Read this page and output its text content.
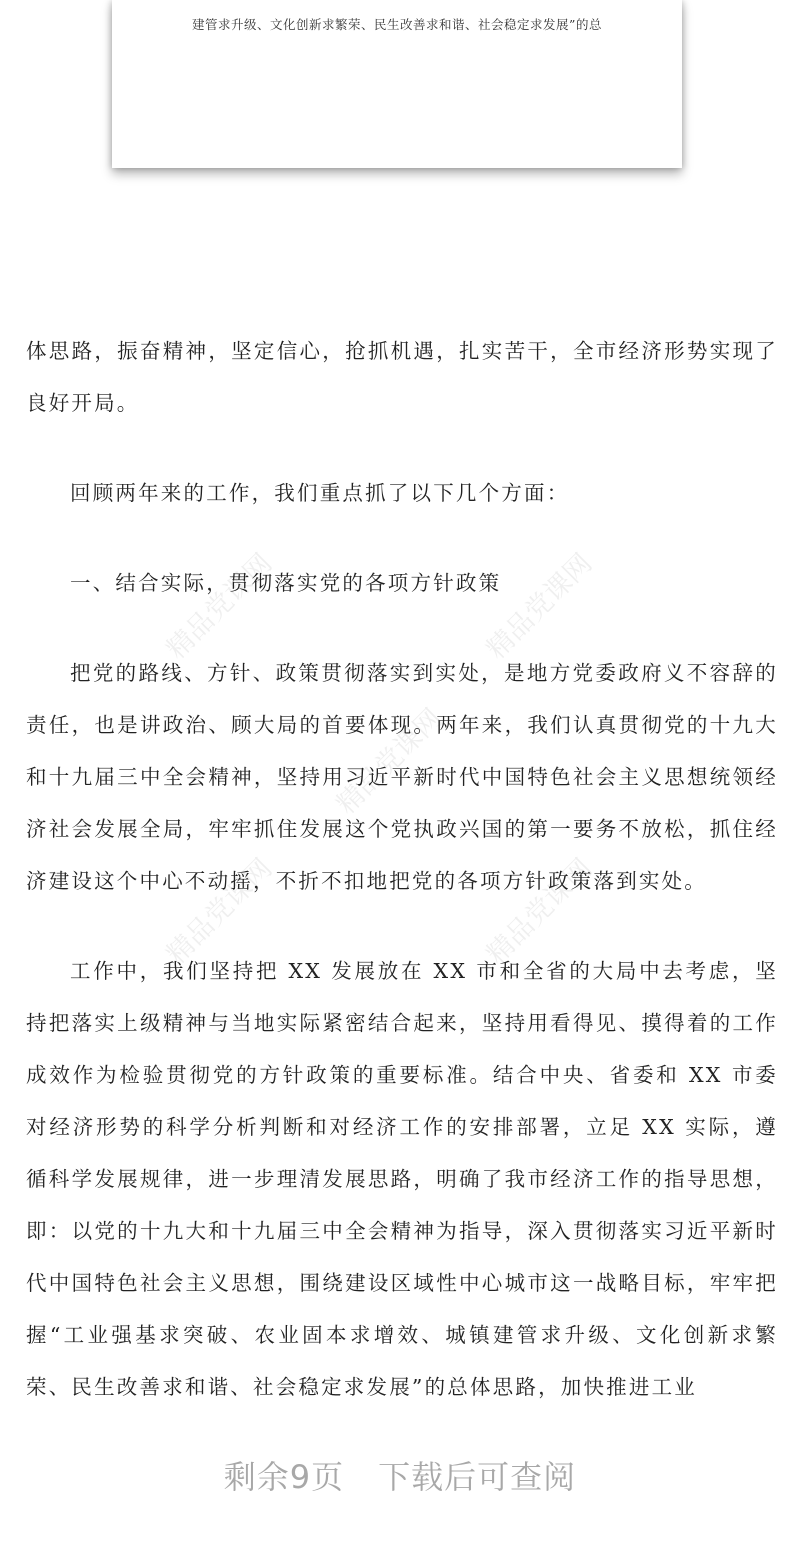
建管求升级、文化创新求繁荣、民生改善求和谐、社会稳定求发展”的总
精品党课网	精品党课网
精品党课网
精品党课网	精品党课网

体思路，振奋精神，坚定信心，抢抓机遇，扎实苦干，全市经济形势实现了良好开局。

回顾两年来的工作，我们重点抓了以下几个方面：

一、结合实际，贯彻落实党的各项方针政策

把党的路线、方针、政策贯彻落实到实处，是地方党委政府义不容辞的责任，也是讲政治、顾大局的首要体现。两年来，我们认真贯彻党的十九大和十九届三中全会精神，坚持用习近平新时代中国特色社会主义思想统领经济社会发展全局，牢牢抓住发展这个党执政兴国的第一要务不放松，抓住经济建设这个中心不动摇，不折不扣地把党的各项方针政策落到实处。

工作中，我们坚持把 XX 发展放在 XX 市和全省的大局中去考虑，坚持把落实上级精神与当地实际紧密结合起来，坚持用看得见、摸得着的工作成效作为检验贯彻党的方针政策的重要标准。结合中央、省委和 XX 市委对经济形势的科学分析判断和对经济工作的安排部署，立足 XX 实际，遵循科学发展规律，进一步理清发展思路，明确了我市经济工作的指导思想，即：以党的十九大和十九届三中全会精神为指导，深入贯彻落实习近平新时代中国特色社会主义思想，围绕建设区域性中心城市这一战略目标，牢牢把握“工业强基求突破、农业固本求增效、城镇建管求升级、文化创新求繁荣、民生改善求和谐、社会稳定求发展”的总体思路，加快推进工业

剩余9页 下载后可查阅
